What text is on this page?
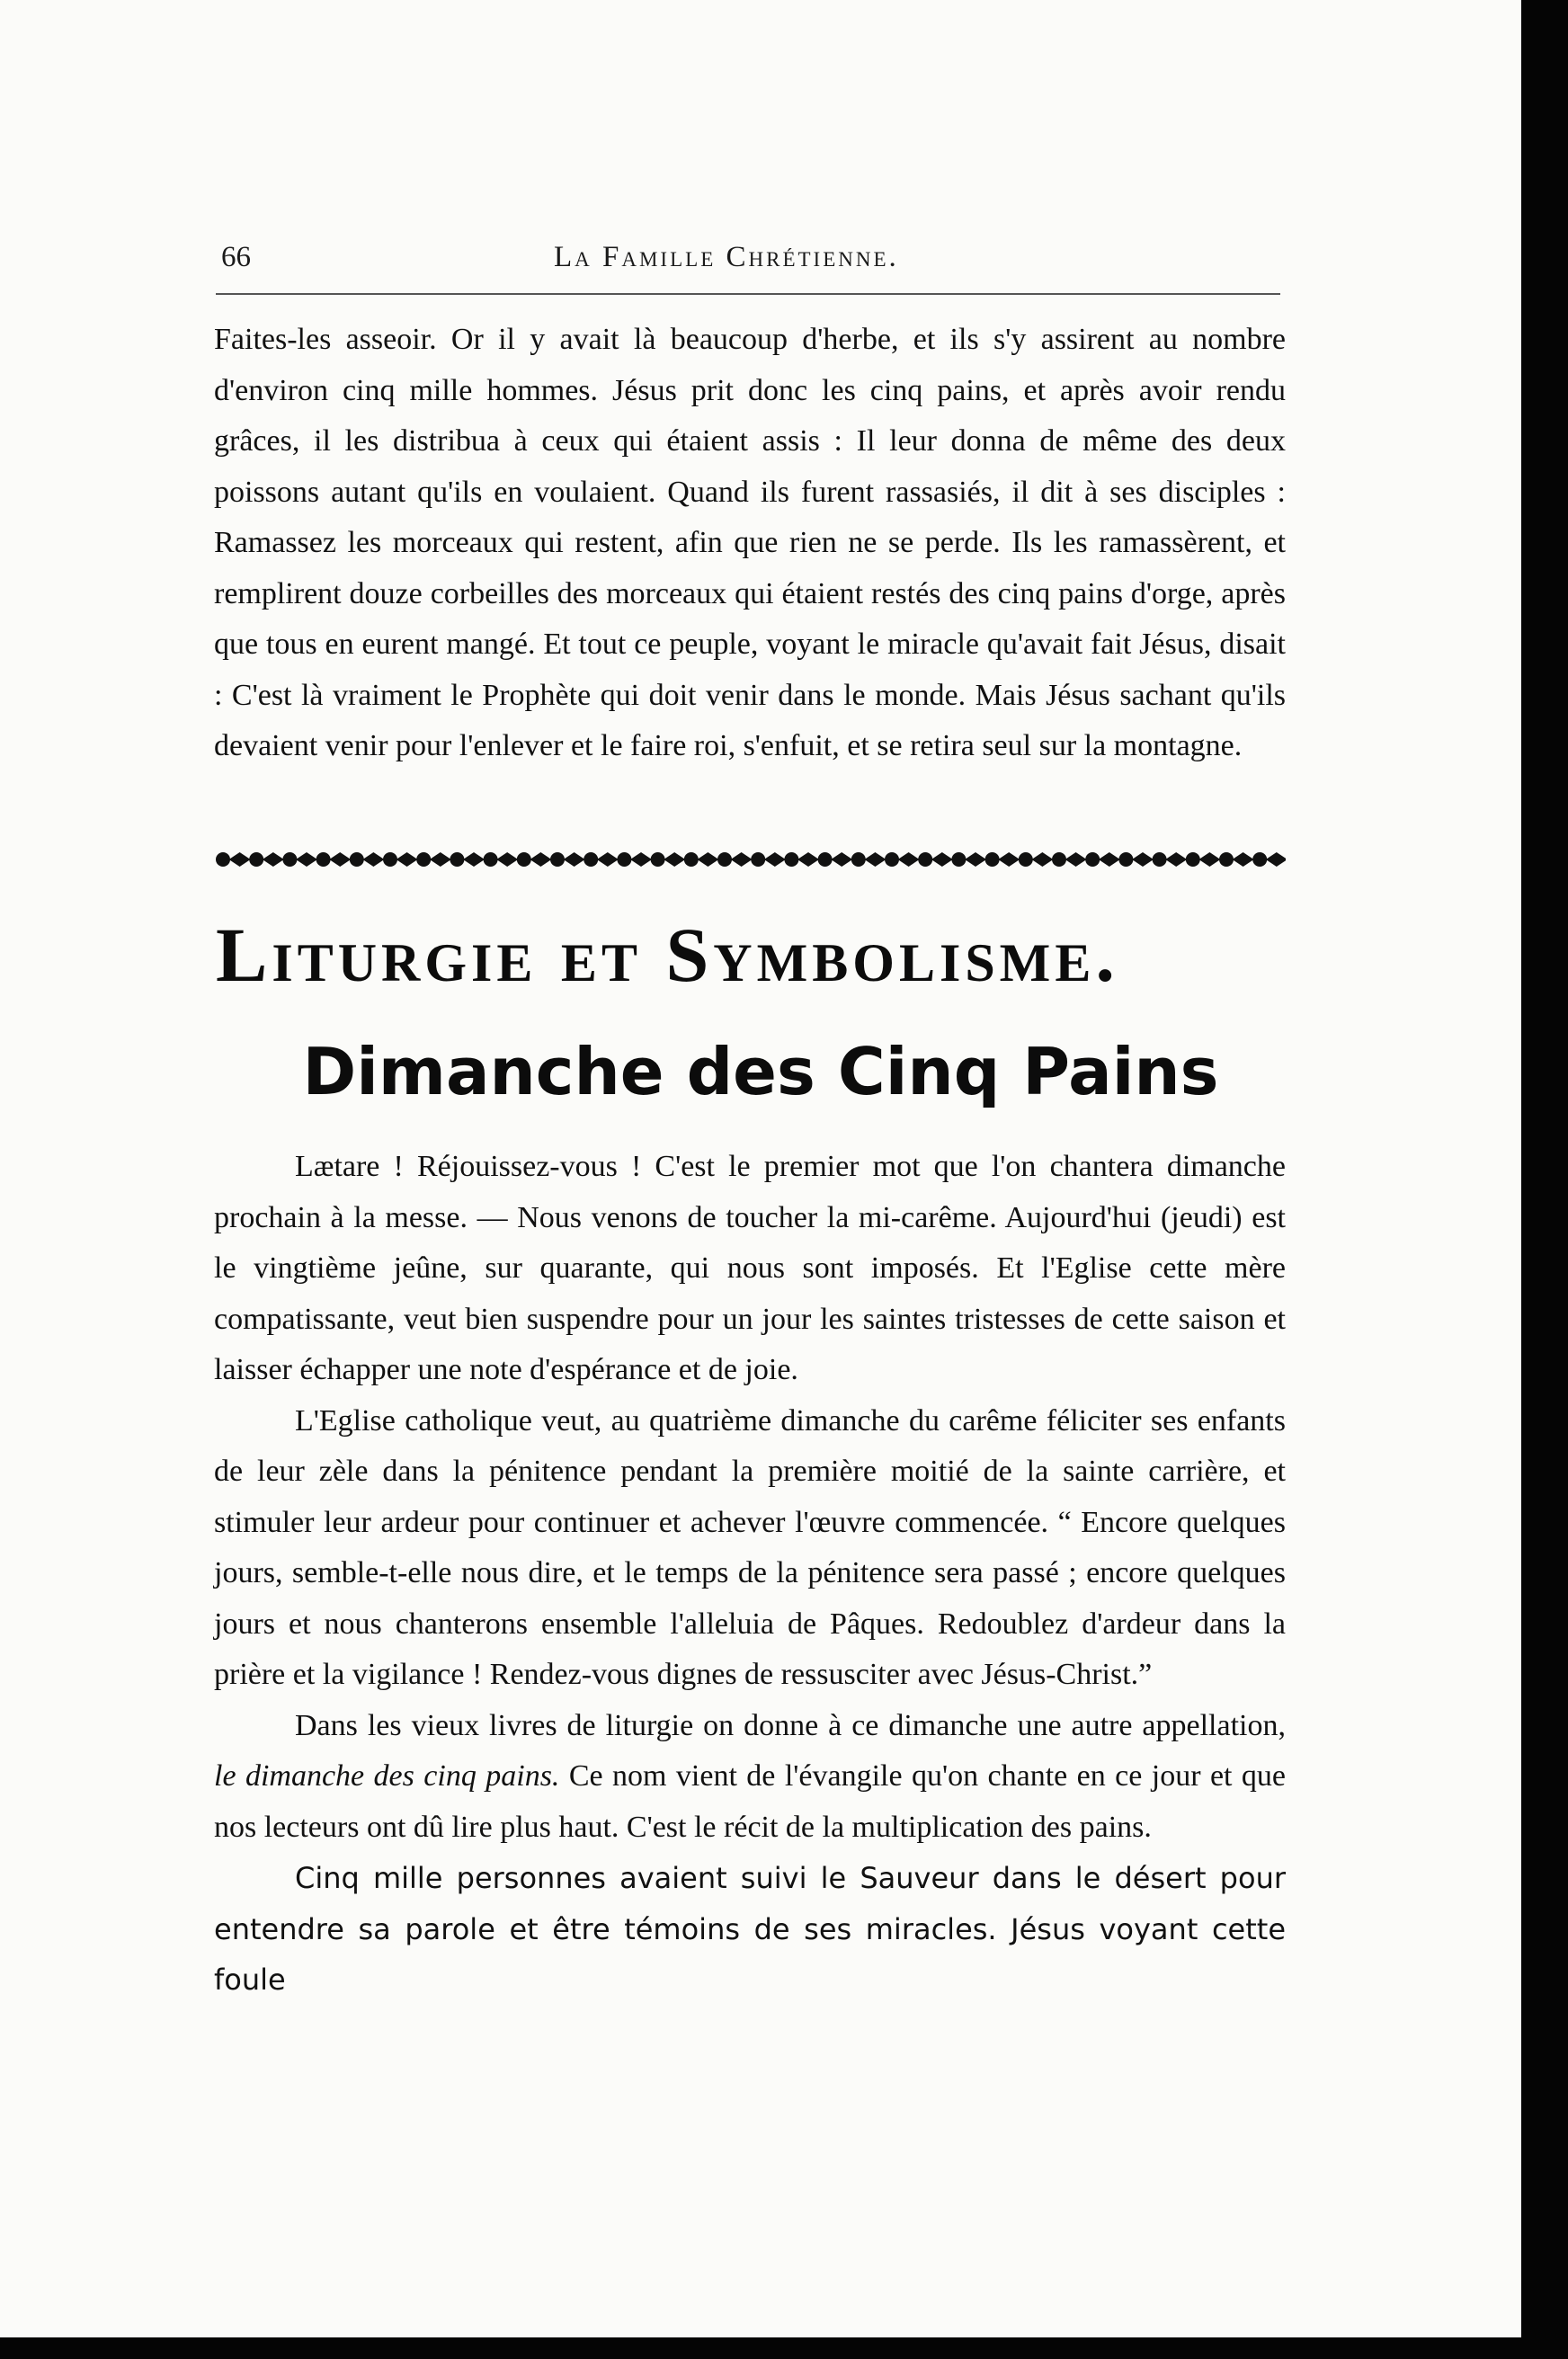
66	La Famille Chrétienne.

Faites-les asseoir. Or il y avait là beaucoup d'herbe, et ils s'y assirent au nombre d'environ cinq mille hommes. Jésus prit donc les cinq pains, et après avoir rendu grâces, il les distribua à ceux qui étaient assis : Il leur donna de même des deux poissons autant qu'ils en voulaient. Quand ils furent rassasiés, il dit à ses disciples : Ramassez les morceaux qui restent, afin que rien ne se perde. Ils les ramassèrent, et remplirent douze corbeilles des morceaux qui étaient restés des cinq pains d'orge, après que tous en eurent mangé. Et tout ce peuple, voyant le miracle qu'avait fait Jésus, disait : C'est là vraiment le Prophète qui doit venir dans le monde. Mais Jésus sachant qu'ils devaient venir pour l'enlever et le faire roi, s'enfuit, et se retira seul sur la montagne.

Liturgie et Symbolisme.
Dimanche des Cinq Pains

Lætare ! Réjouissez-vous ! C'est le premier mot que l'on chantera dimanche prochain à la messe. — Nous venons de toucher la mi-carême. Aujourd'hui (jeudi) est le vingtième jeûne, sur quarante, qui nous sont imposés. Et l'Eglise cette mère compatissante, veut bien suspendre pour un jour les saintes tristesses de cette saison et laisser échapper une note d'espérance et de joie.

L'Eglise catholique veut, au quatrième dimanche du carême féliciter ses enfants de leur zèle dans la pénitence pendant la première moitié de la sainte carrière, et stimuler leur ardeur pour continuer et achever l'œuvre commencée. “ Encore quelques jours, semble-t-elle nous dire, et le temps de la pénitence sera passé ; encore quelques jours et nous chanterons ensemble l'alleluia de Pâques. Redoublez d'ardeur dans la prière et la vigilance ! Rendez-vous dignes de ressusciter avec Jésus-Christ.”

Dans les vieux livres de liturgie on donne à ce dimanche une autre appellation, le dimanche des cinq pains. Ce nom vient de l'évangile qu'on chante en ce jour et que nos lecteurs ont dû lire plus haut. C'est le récit de la multiplication des pains.

Cinq mille personnes avaient suivi le Sauveur dans le désert pour entendre sa parole et être témoins de ses miracles. Jésus voyant cette foule
